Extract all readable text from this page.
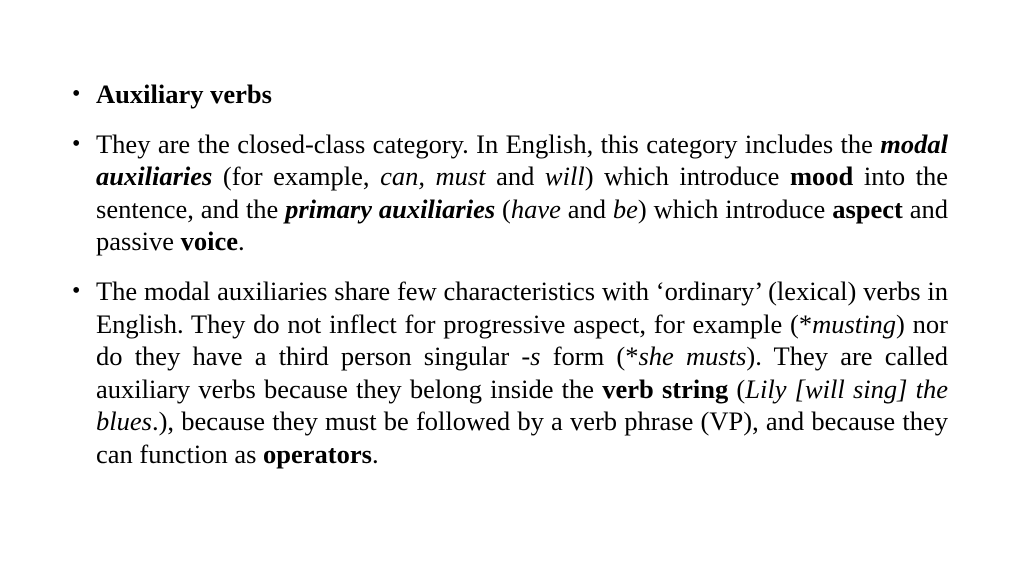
• Auxiliary verbs
• They are the closed-class category. In English, this category includes the modal auxiliaries (for example, can, must and will) which introduce mood into the sentence, and the primary auxiliaries (have and be) which introduce aspect and passive voice.
• The modal auxiliaries share few characteristics with ‘ordinary’ (lexical) verbs in English. They do not inflect for progressive aspect, for example (*musting) nor do they have a third person singular -s form (*she musts). They are called auxiliary verbs because they belong inside the verb string (Lily [will sing] the blues.), because they must be followed by a verb phrase (VP), and because they can function as operators.
